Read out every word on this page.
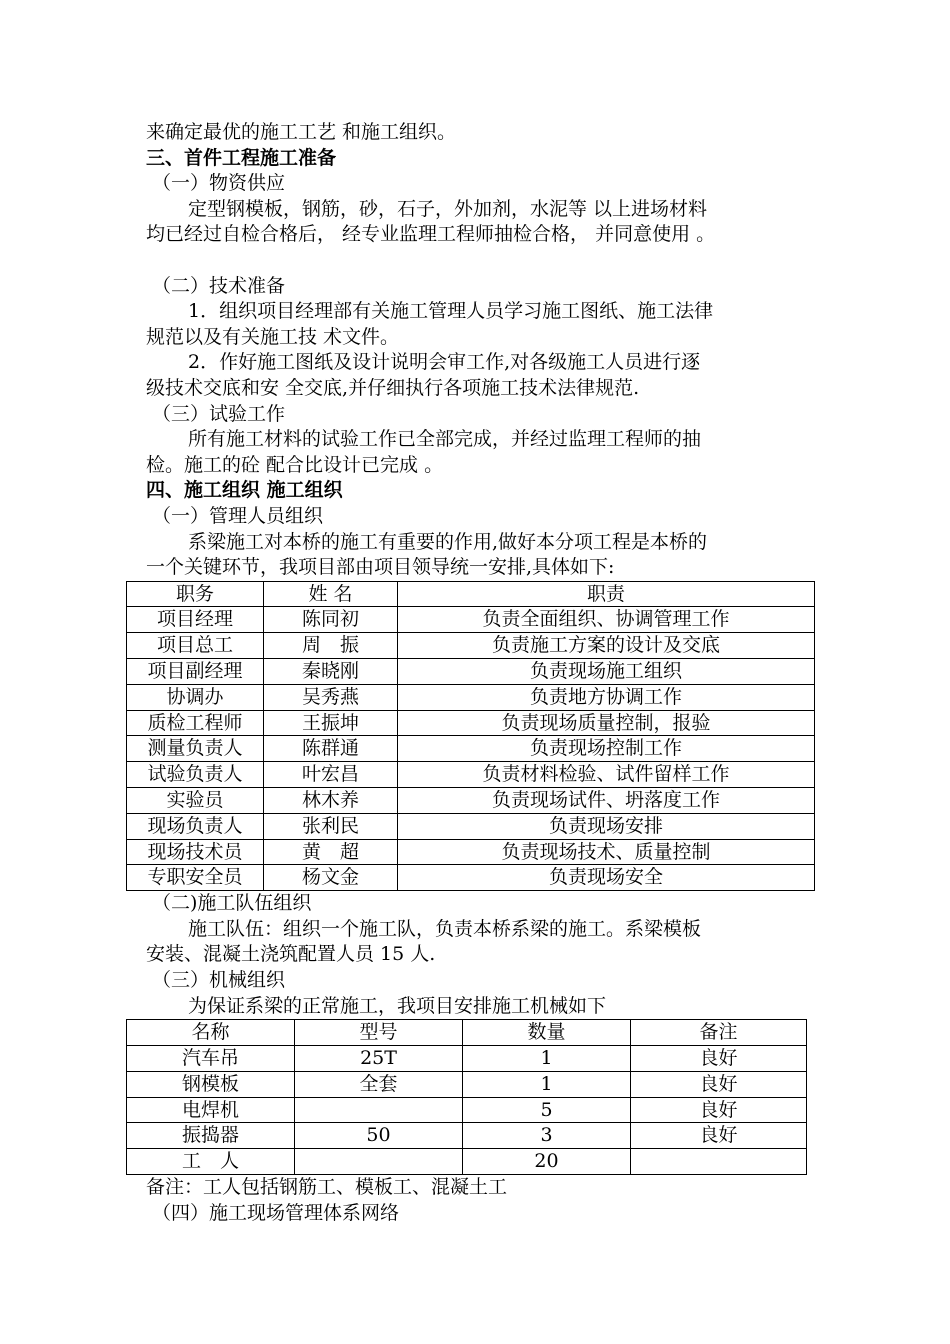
来确定最优的施工工艺 和施工组织。
三、首件工程施工准备
（一）物资供应
定型钢模板，钢筋，砂，石子，外加剂，水泥等 以上进场材料
均已经过自检合格后， 经专业监理工程师抽检合格， 并同意使用 。

（二）技术准备
1．组织项目经理部有关施工管理人员学习施工图纸、施工法律
规范以及有关施工技 术文件。
2．作好施工图纸及设计说明会审工作,对各级施工人员进行逐
级技术交底和安 全交底,并仔细执行各项施工技术法律规范.
（三）试验工作
所有施工材料的试验工作已全部完成，并经过监理工程师的抽
检。施工的砼 配合比设计已完成 。
四、施工组织 施工组织
（一）管理人员组织
系梁施工对本桥的施工有重要的作用,做好本分项工程是本桥的
一个关键环节，我项目部由项目领导统一安排,具体如下:
职务	姓 名	职责
项目经理	陈同初	负责全面组织、协调管理工作
项目总工	周　振	负责施工方案的设计及交底
项目副经理	秦晓刚	负责现场施工组织
协调办	吴秀燕	负责地方协调工作
质检工程师	王振坤	负责现场质量控制，报验
测量负责人	陈群通	负责现场控制工作
试验负责人	叶宏昌	负责材料检验、试件留样工作
实验员	林木养	负责现场试件、坍落度工作
现场负责人	张利民	负责现场安排
现场技术员	黄　超	负责现场技术、质量控制
专职安全员	杨文金	负责现场安全
（二)施工队伍组织
施工队伍：组织一个施工队，负责本桥系梁的施工。系梁模板
安装、混凝土浇筑配置人员 15 人.
（三）机械组织
为保证系梁的正常施工，我项目安排施工机械如下
名称	型号	数量	备注
汽车吊	25T	1	良好
钢模板	全套	1	良好
电焊机		5	良好
振捣器	50	3	良好
工　人		20	
备注：工人包括钢筋工、模板工、混凝土工
（四）施工现场管理体系网络
